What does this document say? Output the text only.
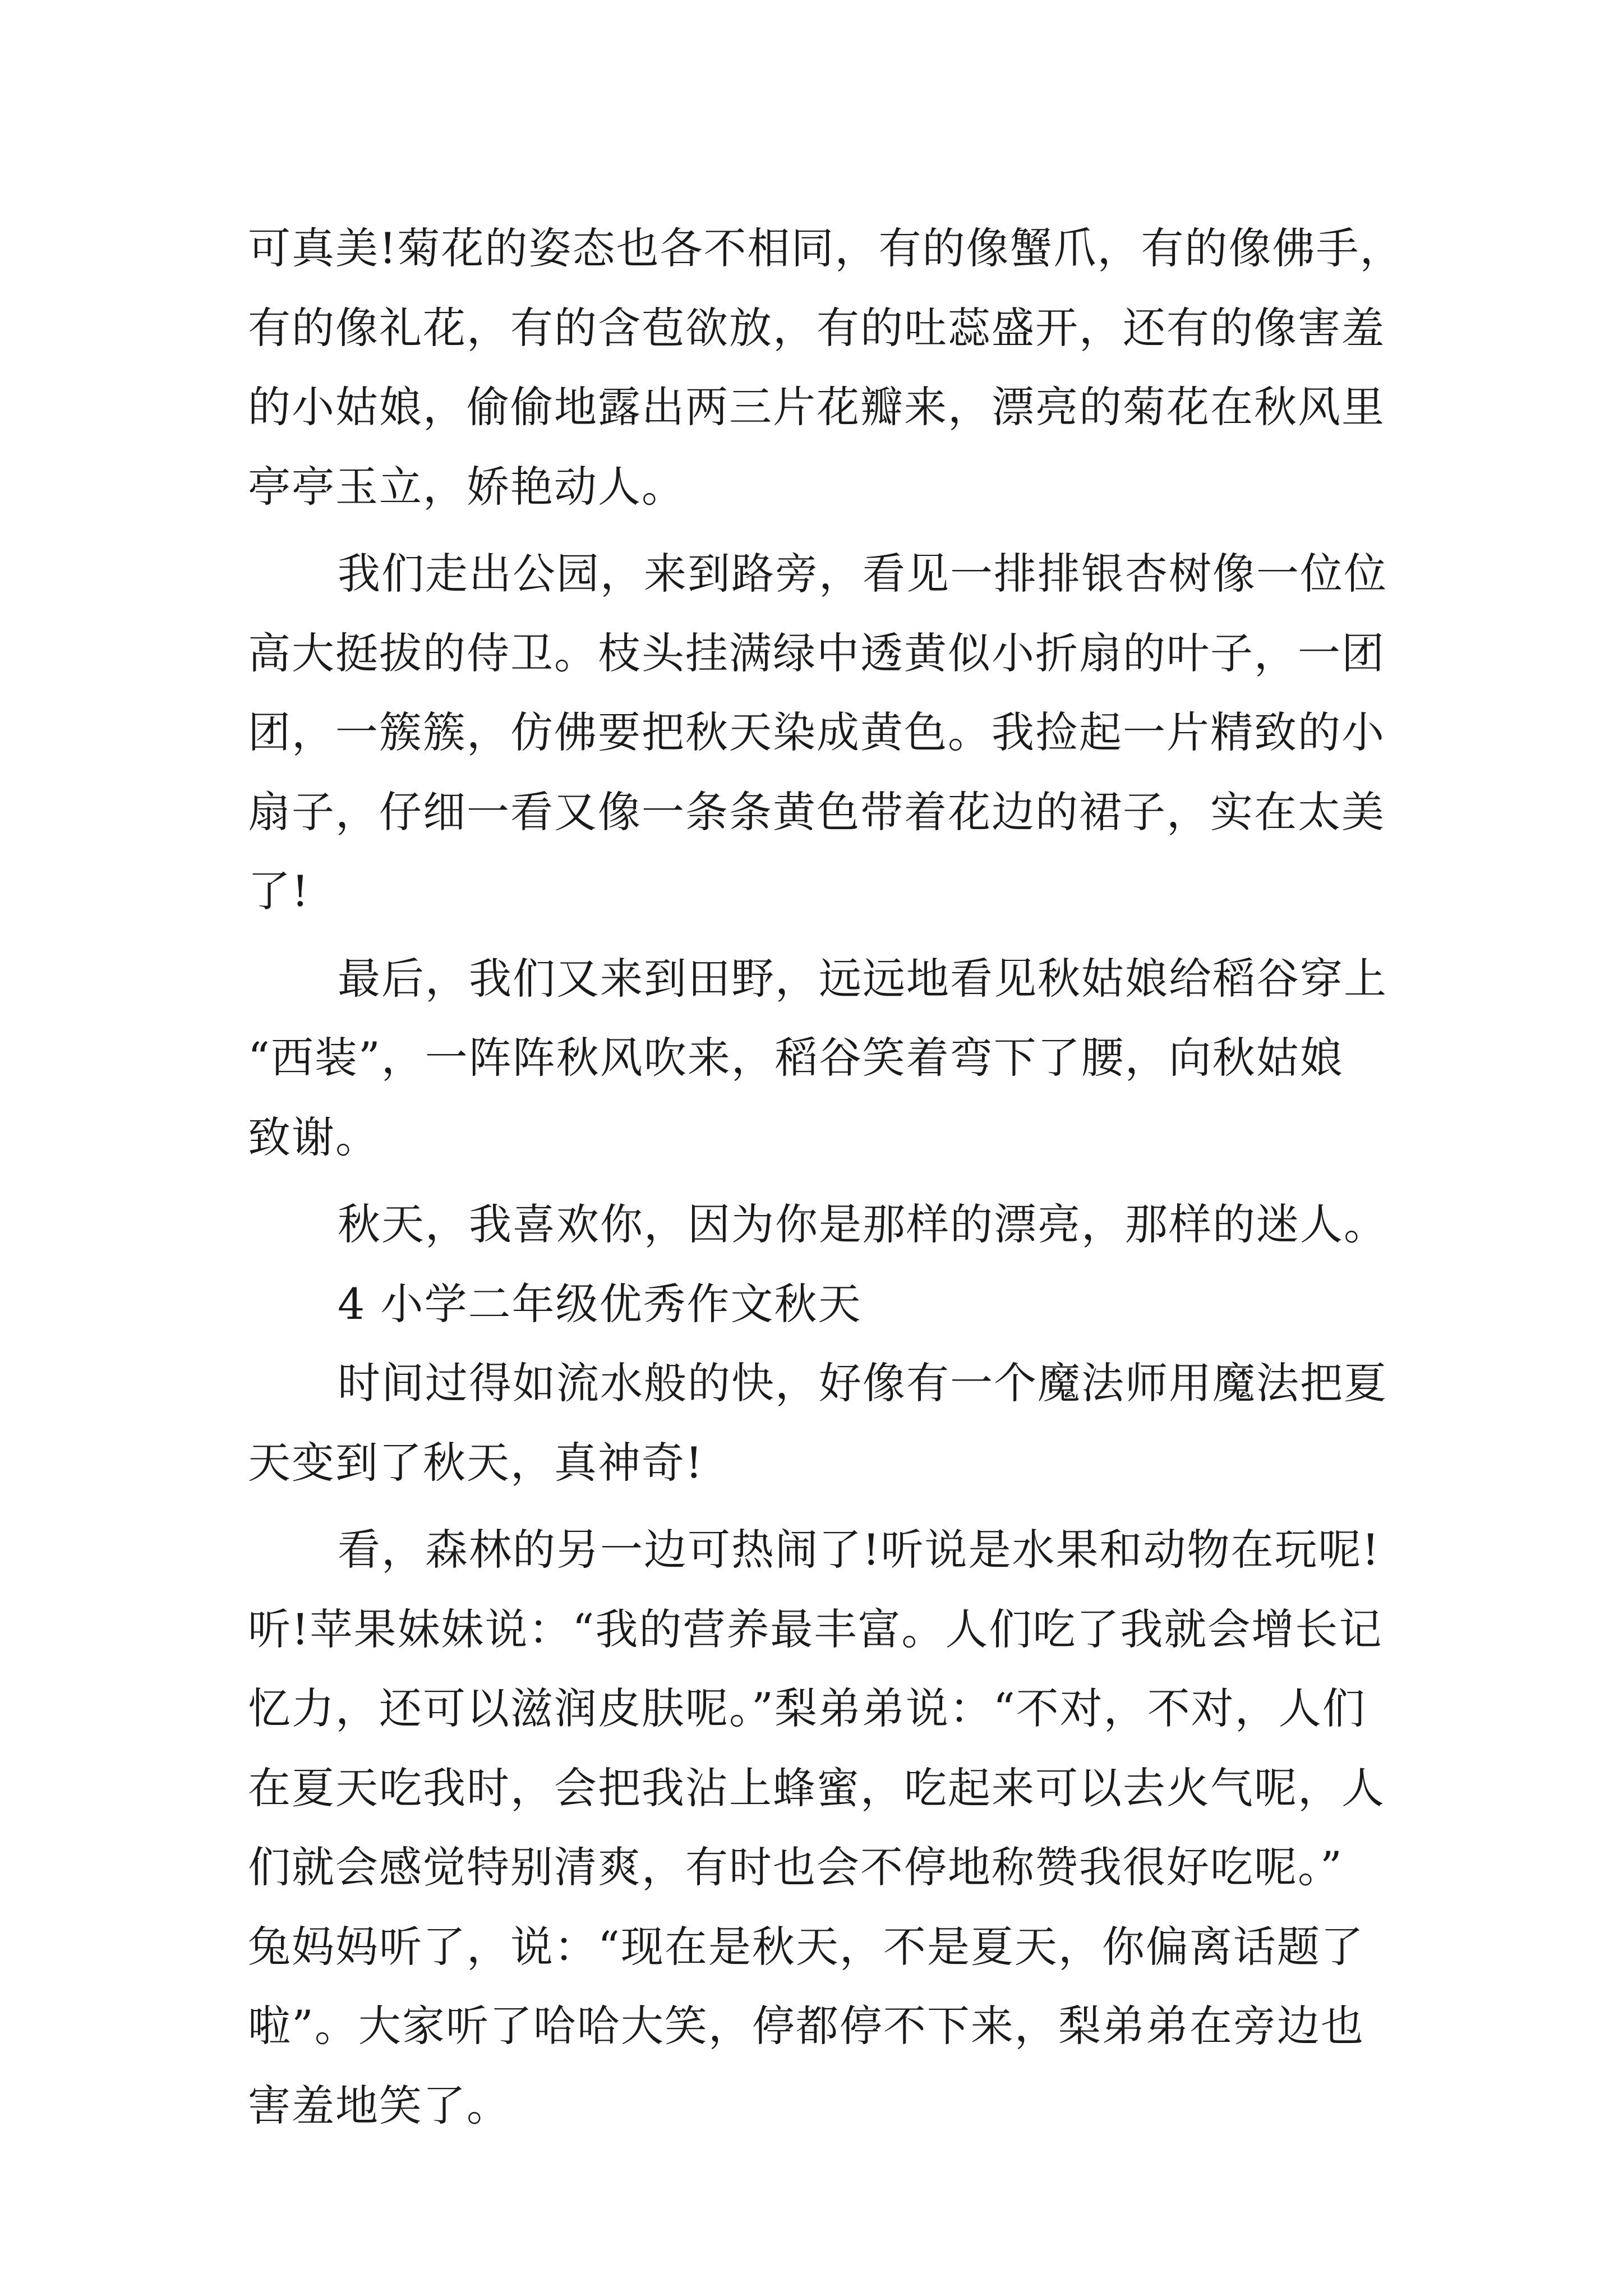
可真美!菊花的姿态也各不相同，有的像蟹爪，有的像佛手，
有的像礼花，有的含苞欲放，有的吐蕊盛开，还有的像害羞
的小姑娘，偷偷地露出两三片花瓣来，漂亮的菊花在秋风里
亭亭玉立，娇艳动人。
我们走出公园，来到路旁，看见一排排银杏树像一位位
高大挺拔的侍卫。枝头挂满绿中透黄似小折扇的叶子，一团
团，一簇簇，仿佛要把秋天染成黄色。我捡起一片精致的小
扇子，仔细一看又像一条条黄色带着花边的裙子，实在太美
了!
最后，我们又来到田野，远远地看见秋姑娘给稻谷穿上
“西装”，一阵阵秋风吹来，稻谷笑着弯下了腰，向秋姑娘
致谢。
秋天，我喜欢你，因为你是那样的漂亮，那样的迷人。
4 小学二年级优秀作文秋天
时间过得如流水般的快，好像有一个魔法师用魔法把夏
天变到了秋天，真神奇!
看，森林的另一边可热闹了!听说是水果和动物在玩呢!
听!苹果妹妹说：“我的营养最丰富。人们吃了我就会增长记
忆力，还可以滋润皮肤呢。”梨弟弟说：“不对，不对，人们
在夏天吃我时，会把我沾上蜂蜜，吃起来可以去火气呢，人
们就会感觉特别清爽，有时也会不停地称赞我很好吃呢。”
兔妈妈听了，说：“现在是秋天，不是夏天，你偏离话题了
啦”。大家听了哈哈大笑，停都停不下来，梨弟弟在旁边也
害羞地笑了。
